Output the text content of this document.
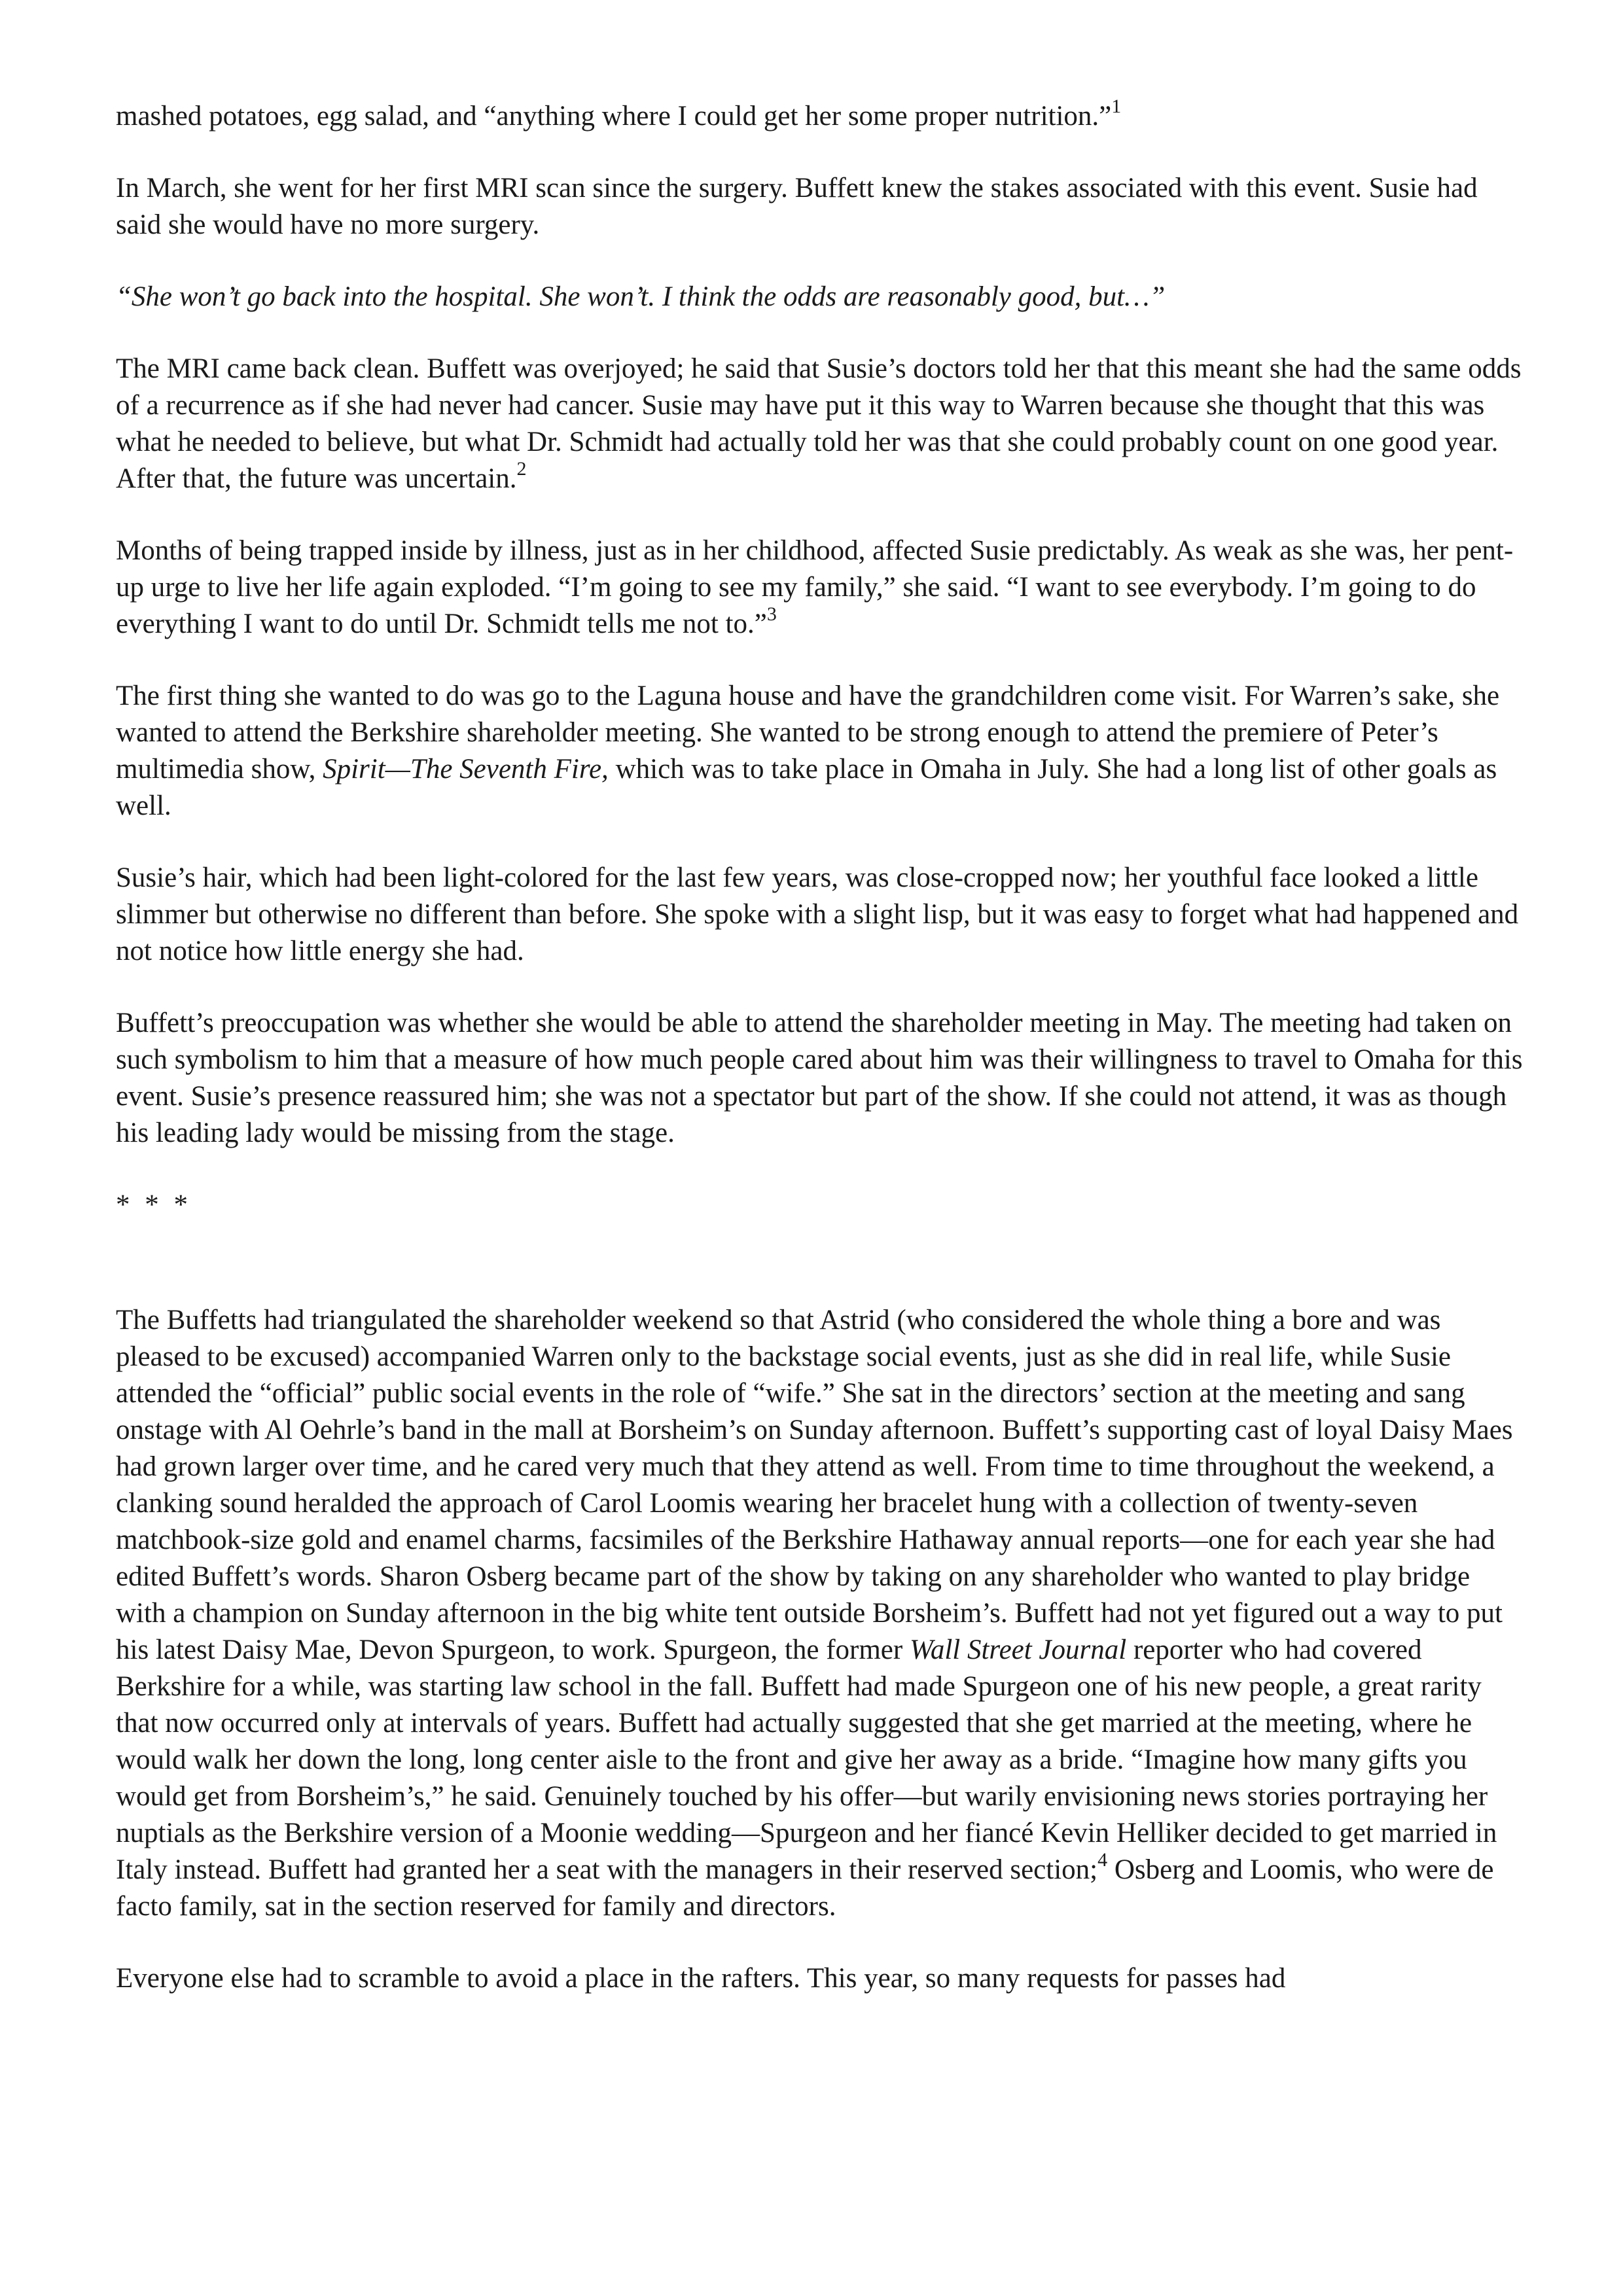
mashed potatoes, egg salad, and “anything where I could get her some proper nutrition.”$^1$

In March, she went for her first MRI scan since the surgery. Buffett knew the stakes associated with this event. Susie had said she would have no more surgery.

“She won’t go back into the hospital. She won’t. I think the odds are reasonably good, but…”

The MRI came back clean. Buffett was overjoyed; he said that Susie’s doctors told her that this meant she had the same odds of a recurrence as if she had never had cancer. Susie may have put it this way to Warren because she thought that this was what he needed to believe, but what Dr. Schmidt had actually told her was that she could probably count on one good year. After that, the future was uncertain.$^2$

Months of being trapped inside by illness, just as in her childhood, affected Susie predictably. As weak as she was, her pent-up urge to live her life again exploded. “I’m going to see my family,” she said. “I want to see everybody. I’m going to do everything I want to do until Dr. Schmidt tells me not to.”$^3$

The first thing she wanted to do was go to the Laguna house and have the grandchildren come visit. For Warren’s sake, she wanted to attend the Berkshire shareholder meeting. She wanted to be strong enough to attend the premiere of Peter’s multimedia show, Spirit—The Seventh Fire, which was to take place in Omaha in July. She had a long list of other goals as well.

Susie’s hair, which had been light-colored for the last few years, was close-cropped now; her youthful face looked a little slimmer but otherwise no different than before. She spoke with a slight lisp, but it was easy to forget what had happened and not notice how little energy she had.

Buffett’s preoccupation was whether she would be able to attend the shareholder meeting in May. The meeting had taken on such symbolism to him that a measure of how much people cared about him was their willingness to travel to Omaha for this event. Susie’s presence reassured him; she was not a spectator but part of the show. If she could not attend, it was as though his leading lady would be missing from the stage.

* * *

The Buffetts had triangulated the shareholder weekend so that Astrid (who considered the whole thing a bore and was pleased to be excused) accompanied Warren only to the backstage social events, just as she did in real life, while Susie attended the “official” public social events in the role of “wife.” She sat in the directors’ section at the meeting and sang onstage with Al Oehrle’s band in the mall at Borsheim’s on Sunday afternoon. Buffett’s supporting cast of loyal Daisy Maes had grown larger over time, and he cared very much that they attend as well. From time to time throughout the weekend, a clanking sound heralded the approach of Carol Loomis wearing her bracelet hung with a collection of twenty-seven matchbook-size gold and enamel charms, facsimiles of the Berkshire Hathaway annual reports—one for each year she had edited Buffett’s words. Sharon Osberg became part of the show by taking on any shareholder who wanted to play bridge with a champion on Sunday afternoon in the big white tent outside Borsheim’s. Buffett had not yet figured out a way to put his latest Daisy Mae, Devon Spurgeon, to work. Spurgeon, the former Wall Street Journal reporter who had covered Berkshire for a while, was starting law school in the fall. Buffett had made Spurgeon one of his new people, a great rarity that now occurred only at intervals of years. Buffett had actually suggested that she get married at the meeting, where he would walk her down the long, long center aisle to the front and give her away as a bride. “Imagine how many gifts you would get from Borsheim’s,” he said. Genuinely touched by his offer—but warily envisioning news stories portraying her nuptials as the Berkshire version of a Moonie wedding—Spurgeon and her fiancé Kevin Helliker decided to get married in Italy instead. Buffett had granted her a seat with the managers in their reserved section;$^4$ Osberg and Loomis, who were de facto family, sat in the section reserved for family and directors.

Everyone else had to scramble to avoid a place in the rafters. This year, so many requests for passes had
